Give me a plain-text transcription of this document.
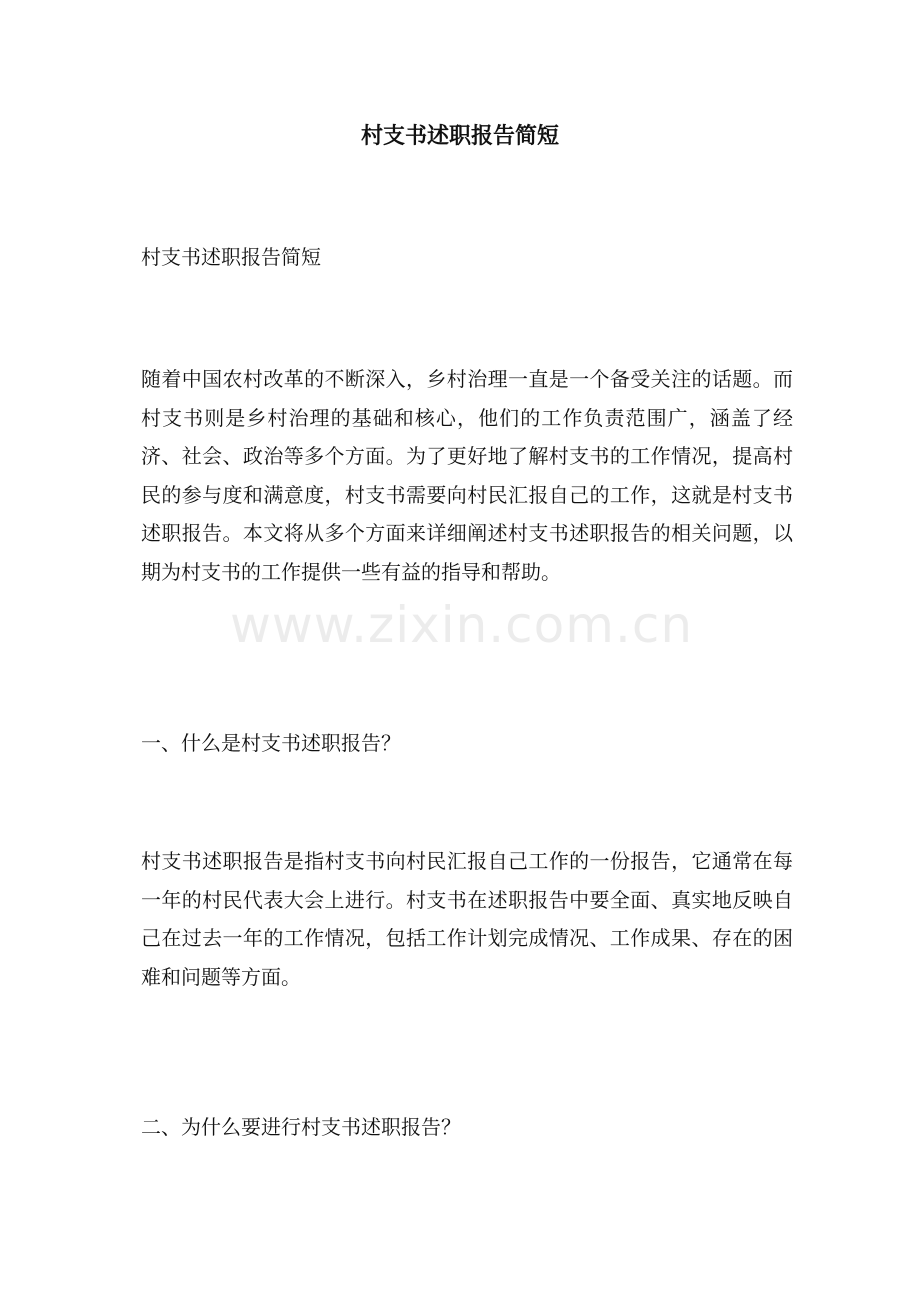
村支书述职报告简短

村支书述职报告简短

随着中国农村改革的不断深入，乡村治理一直是一个备受关注的话题。而村支书则是乡村治理的基础和核心，他们的工作负责范围广，涵盖了经济、社会、政治等多个方面。为了更好地了解村支书的工作情况，提高村民的参与度和满意度，村支书需要向村民汇报自己的工作，这就是村支书述职报告。本文将从多个方面来详细阐述村支书述职报告的相关问题，以期为村支书的工作提供一些有益的指导和帮助。

一、什么是村支书述职报告？

村支书述职报告是指村支书向村民汇报自己工作的一份报告，它通常在每一年的村民代表大会上进行。村支书在述职报告中要全面、真实地反映自己在过去一年的工作情况，包括工作计划完成情况、工作成果、存在的困难和问题等方面。

二、为什么要进行村支书述职报告？

www.zixin.com.cn
